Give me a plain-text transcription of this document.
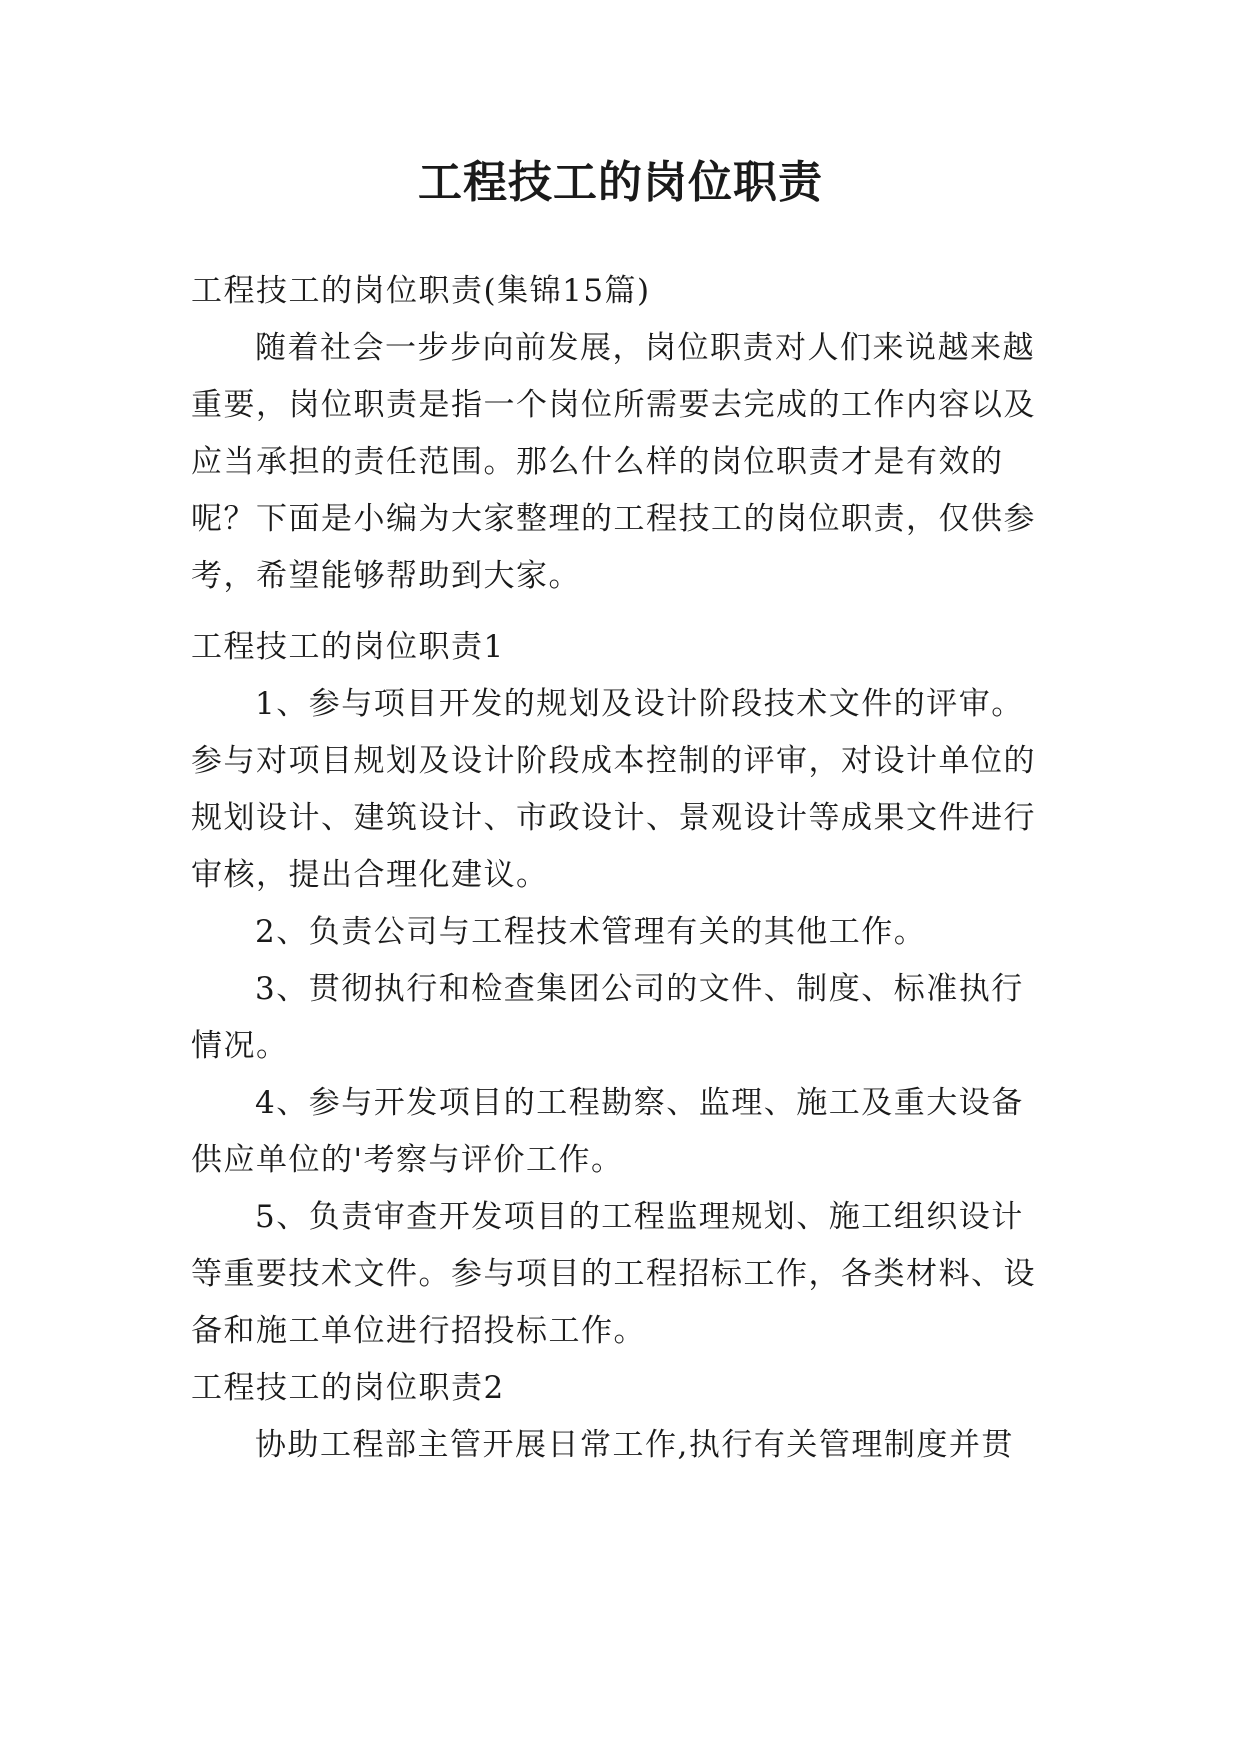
工程技工的岗位职责

工程技工的岗位职责(集锦15篇)

随着社会一步步向前发展，岗位职责对人们来说越来越重要，岗位职责是指一个岗位所需要去完成的工作内容以及应当承担的责任范围。那么什么样的岗位职责才是有效的呢？下面是小编为大家整理的工程技工的岗位职责，仅供参考，希望能够帮助到大家。

工程技工的岗位职责1

1、参与项目开发的规划及设计阶段技术文件的评审。参与对项目规划及设计阶段成本控制的评审，对设计单位的规划设计、建筑设计、市政设计、景观设计等成果文件进行审核，提出合理化建议。

2、负责公司与工程技术管理有关的其他工作。

3、贯彻执行和检查集团公司的文件、制度、标准执行情况。

4、参与开发项目的工程勘察、监理、施工及重大设备供应单位的'考察与评价工作。

5、负责审查开发项目的工程监理规划、施工组织设计等重要技术文件。参与项目的工程招标工作，各类材料、设备和施工单位进行招投标工作。

工程技工的岗位职责2

协助工程部主管开展日常工作,执行有关管理制度并贯
